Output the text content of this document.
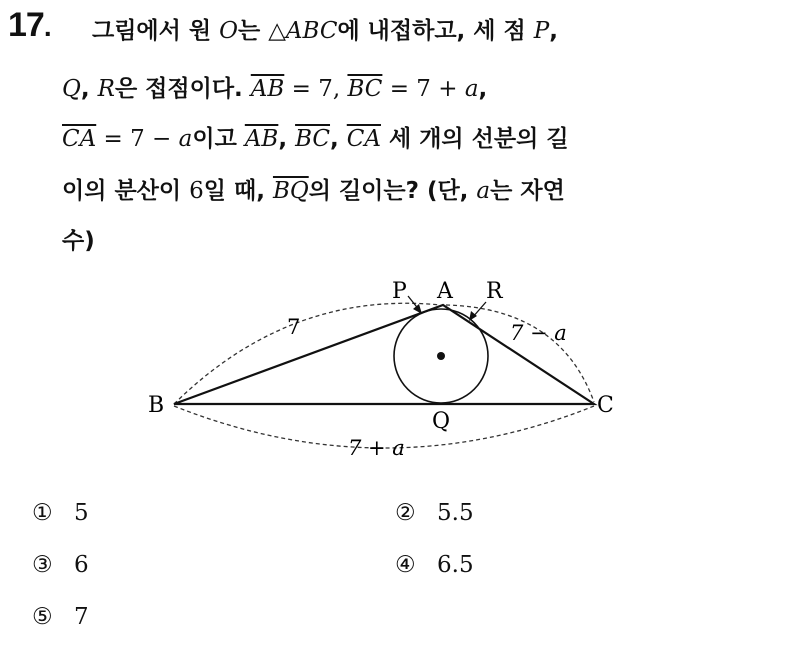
17. 그림에서 원 O는 △ABC에 내접하고, 세 점 P,
Q, R은 접점이다. $\overline{AB} = 7$, $\overline{BC} = 7 + a$,
$\overline{CA} = 7 - a$이고 $\overline{AB}$, $\overline{BC}$, $\overline{CA}$ 세 개의 선분의 길
이의 분산이 6일 때, $\overline{BQ}$의 길이는? (단, a는 자연
수)
P A R
B	C
Q
7	7 − a
7 + a
① 5	② 5.5
③ 6	④ 6.5
⑤ 7
